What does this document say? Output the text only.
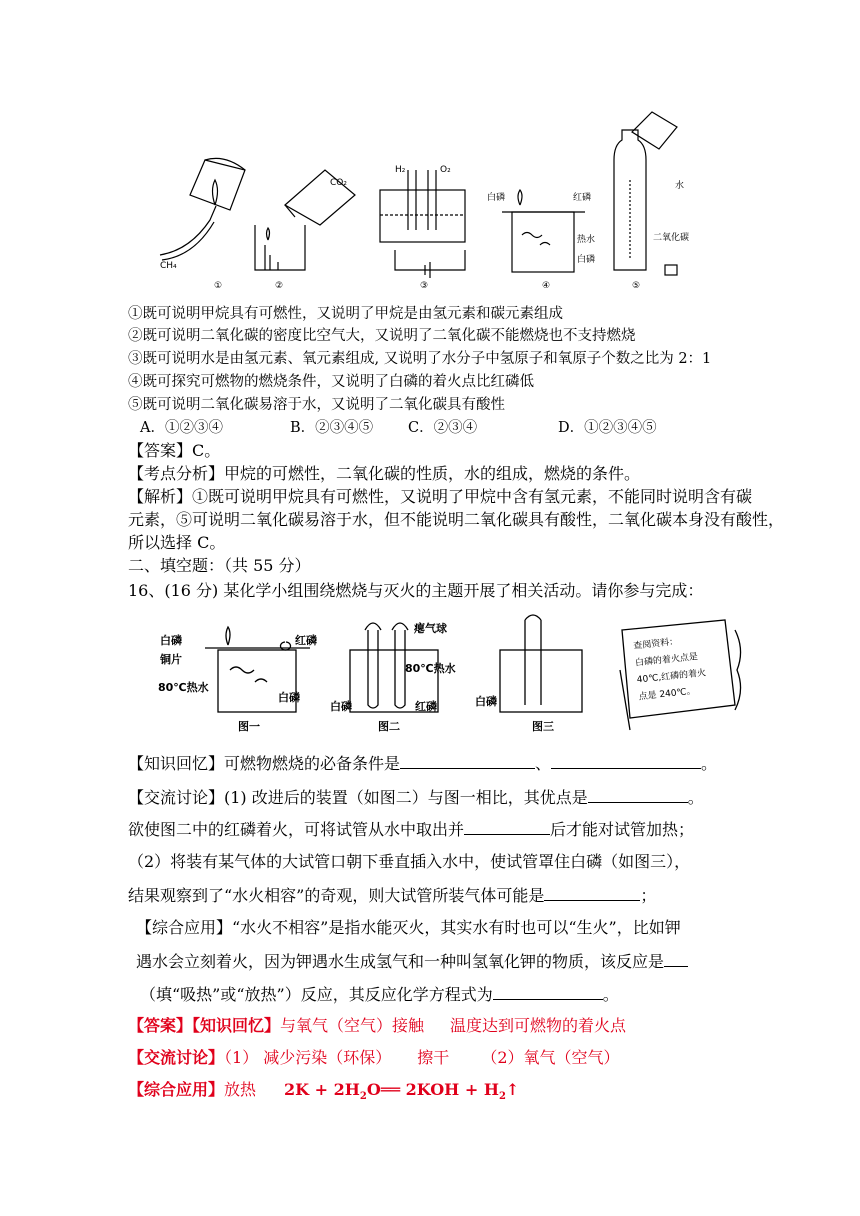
CH₄
CO₂
H₂	O₂
白磷	红磷
热水
白磷
水
二氧化碳
①	②	③	④	⑤
①既可说明甲烷具有可燃性，又说明了甲烷是由氢元素和碳元素组成
②既可说明二氧化碳的密度比空气大，又说明了二氧化碳不能燃烧也不支持燃烧
③既可说明水是由氢元素、氧元素组成, 又说明了水分子中氢原子和氧原子个数之比为 2：1
④既可探究可燃物的燃烧条件，又说明了白磷的着火点比红磷低
⑤既可说明二氧化碳易溶于水，又说明了二氧化碳具有酸性
A．①②③④	B．②③④⑤ C．②③④	D．①②③④⑤
【答案】C。
【考点分析】甲烷的可燃性，二氧化碳的性质，水的组成，燃烧的条件。
【解析】①既可说明甲烷具有可燃性，又说明了甲烷中含有氢元素，不能同时说明含有碳
元素，⑤可说明二氧化碳易溶于水，但不能说明二氧化碳具有酸性，二氧化碳本身没有酸性，
所以选择 C。
二、填空题：（共 55 分）
16、(16 分) 某化学小组围绕燃烧与灭火的主题开展了相关活动。请你参与完成：
白磷	红磷
铜片
80℃热水
白磷
图一
瘪气球
80℃热水
白磷	红磷
图二
白磷
图三
查阅资料：
白磷的着火点是
40℃,红磷的着火
点是 240℃。
【知识回忆】可燃物燃烧的必备条件是	、	。
【交流讨论】(1) 改进后的装置（如图二）与图一相比，其优点是	。
欲使图二中的红磷着火，可将试管从水中取出并	后才能对试管加热；
（2）将装有某气体的大试管口朝下垂直插入水中，使试管罩住白磷（如图三），
结果观察到了“水火相容”的奇观，则大试管所装气体可能是	；
【综合应用】“水火不相容”是指水能灭火，其实水有时也可以“生火”，比如钾
遇水会立刻着火，因为钾遇水生成氢气和一种叫氢氧化钾的物质，该反应是
（填“吸热”或“放热”）反应，其反应化学方程式为	。
【答案】【知识回忆】与氧气（空气）接触 温度达到可燃物的着火点
【交流讨论】（1） 减少污染（环保） 擦干 （2）氧气（空气）
【综合应用】放热 $2K + 2H_2O══$ $2KOH + H_2↑$
